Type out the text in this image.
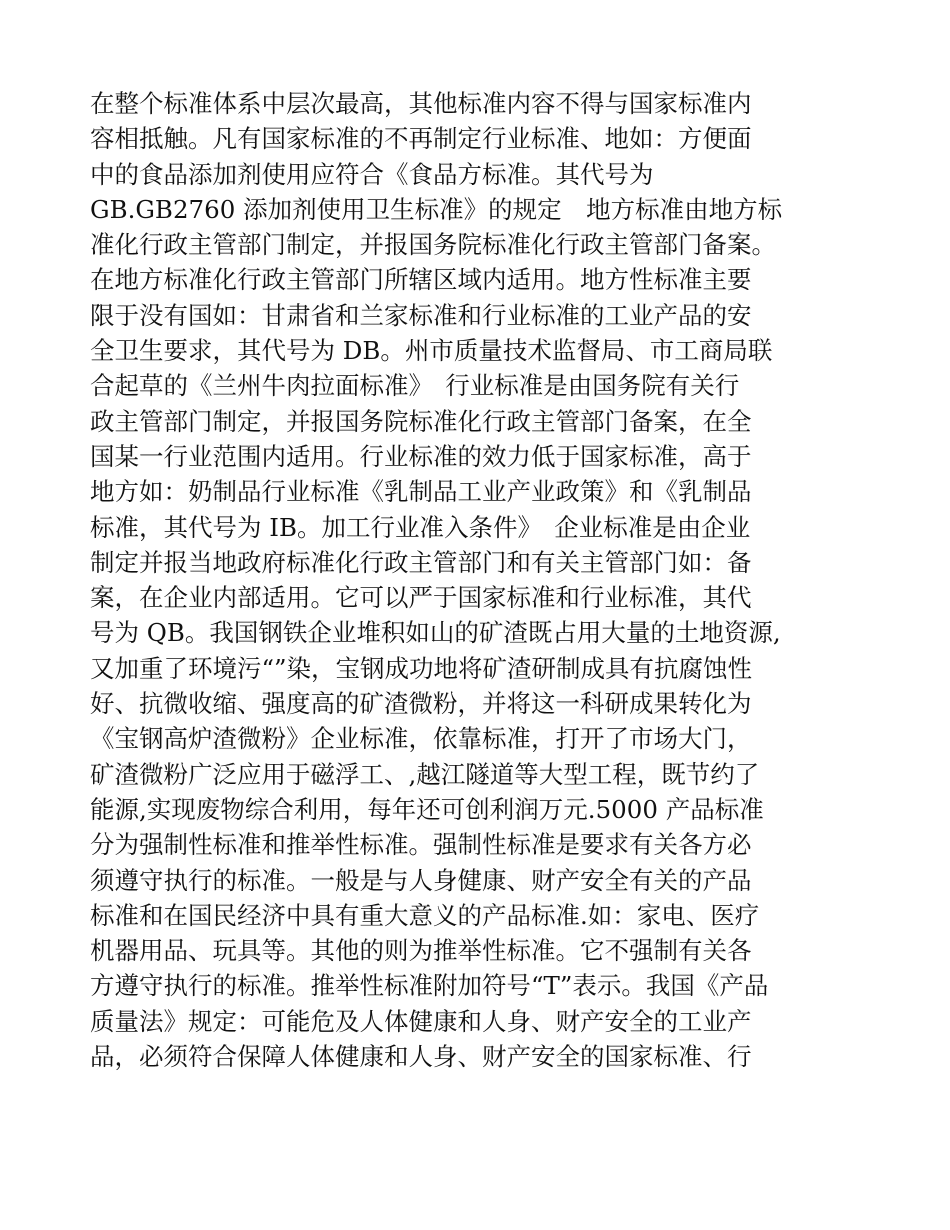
在整个标准体系中层次最高，其他标准内容不得与国家标准内
容相抵触。凡有国家标准的不再制定行业标准、地如：方便面
中的食品添加剂使用应符合《食品方标准。其代号为
GB.GB2760 添加剂使用卫生标准》的规定　地方标准由地方标
准化行政主管部门制定，并报国务院标准化行政主管部门备案。
在地方标准化行政主管部门所辖区域内适用。地方性标准主要
限于没有国如：甘肃省和兰家标准和行业标准的工业产品的安
全卫生要求，其代号为 DB。州市质量技术监督局、市工商局联
合起草的《兰州牛肉拉面标准》　行业标准是由国务院有关行
政主管部门制定，并报国务院标准化行政主管部门备案，在全
国某一行业范围内适用。行业标准的效力低于国家标准，高于
地方如：奶制品行业标准《乳制品工业产业政策》和《乳制品
标准，其代号为 IB。加工行业准入条件》　企业标准是由企业
制定并报当地政府标准化行政主管部门和有关主管部门如：备
案，在企业内部适用。它可以严于国家标准和行业标准，其代
号为 QB。我国钢铁企业堆积如山的矿渣既占用大量的土地资源,
又加重了环境污“”染，宝钢成功地将矿渣研制成具有抗腐蚀性
好、抗微收缩、强度高的矿渣微粉，并将这一科研成果转化为
《宝钢高炉渣微粉》企业标准，依靠标准，打开了市场大门，
矿渣微粉广泛应用于磁浮工、,越江隧道等大型工程，既节约了
能源,实现废物综合利用，每年还可创利润万元.5000 产品标准
分为强制性标准和推举性标准。强制性标准是要求有关各方必
须遵守执行的标准。一般是与人身健康、财产安全有关的产品
标准和在国民经济中具有重大意义的产品标准.如：家电、医疗
机器用品、玩具等。其他的则为推举性标准。它不强制有关各
方遵守执行的标准。推举性标准附加符号“T”表示。我国《产品
质量法》规定：可能危及人体健康和人身、财产安全的工业产
品，必须符合保障人体健康和人身、财产安全的国家标准、行
